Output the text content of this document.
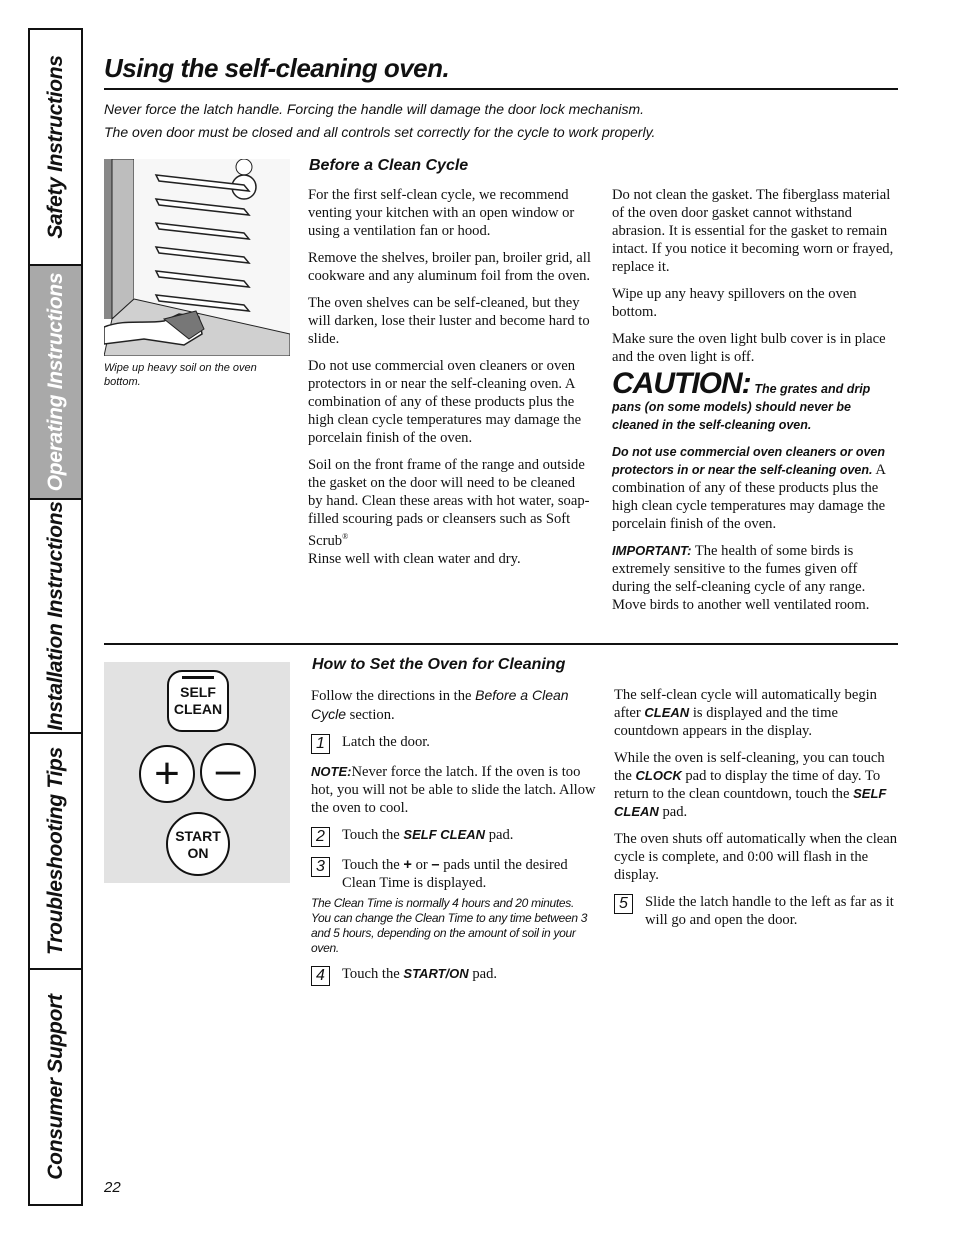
Safety Instructions
Operating Instructions
Installation Instructions
Troubleshooting Tips
Consumer Support
Using the self-cleaning oven.
Never force the latch handle. Forcing the handle will damage the door lock mechanism.
The oven door must be closed and all controls set correctly for the cycle to work properly.
Wipe up heavy soil on the oven bottom.
Before a Clean Cycle

For the first self-clean cycle, we recommend venting your kitchen with an open window or using a ventilation fan or hood.

Remove the shelves, broiler pan, broiler grid, all cookware and any aluminum foil from the oven.

The oven shelves can be self-cleaned, but they will darken, lose their luster and become hard to slide.

Do not use commercial oven cleaners or oven protectors in or near the self-cleaning oven. A combination of any of these products plus the high clean cycle temperatures may damage the porcelain finish of the oven.

Soil on the front frame of the range and outside the gasket on the door will need to be cleaned by hand. Clean these areas with hot water, soap-filled scouring pads or cleansers such as Soft Scrub®
Rinse well with clean water and dry.

Do not clean the gasket. The fiberglass material of the oven door gasket cannot withstand abrasion. It is essential for the gasket to remain intact. If you notice it becoming worn or frayed, replace it.

Wipe up any heavy spillovers on the oven bottom.

Make sure the oven light bulb cover is in place and the oven light is off.

CAUTION: The grates and drip pans (on some models) should never be cleaned in the self-cleaning oven.

Do not use commercial oven cleaners or oven protectors in or near the self-cleaning oven. A combination of any of these products plus the high clean cycle temperatures may damage the porcelain finish of the oven.

IMPORTANT: The health of some birds is extremely sensitive to the fumes given off during the self-cleaning cycle of any range. Move birds to another well ventilated room.

SELF
CLEAN
+ –
START
ON
How to Set the Oven for Cleaning

Follow the directions in the Before a Clean Cycle section.

1	Latch the door.

NOTE:Never force the latch. If the oven is too hot, you will not be able to slide the latch. Allow the oven to cool.

2	Touch the SELF CLEAN pad.
3	Touch the + or – pads until the desired Clean Time is displayed.
The Clean Time is normally 4 hours and 20 minutes. You can change the Clean Time to any time between 3 and 5 hours, depending on the amount of soil in your oven.
4	Touch the START/ON pad.

The self-clean cycle will automatically begin after CLEAN is displayed and the time countdown appears in the display.

While the oven is self-cleaning, you can touch the CLOCK pad to display the time of day. To return to the clean countdown, touch the SELF CLEAN pad.

The oven shuts off automatically when the clean cycle is complete, and 0:00 will flash in the display.

5	Slide the latch handle to the left as far as it will go and open the door.
22
